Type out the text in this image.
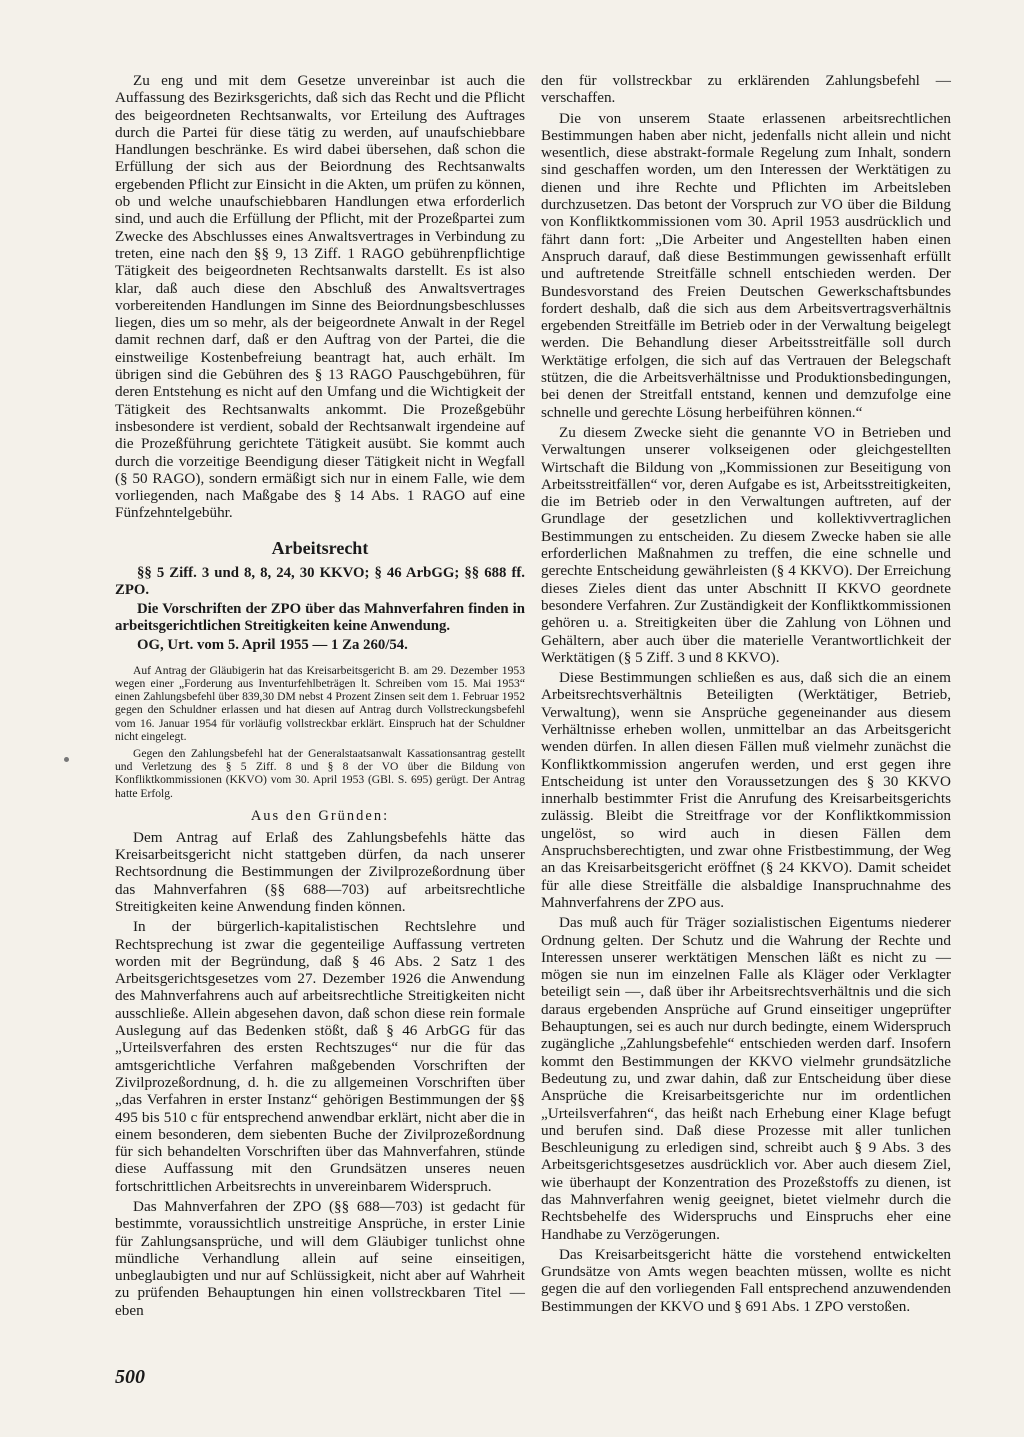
Zu eng und mit dem Gesetze unvereinbar ist auch die Auffassung des Bezirksgerichts, daß sich das Recht und die Pflicht des beigeordneten Rechtsanwalts, vor Erteilung des Auftrages durch die Partei für diese tätig zu werden, auf unaufschiebbare Handlungen beschränke. Es wird dabei übersehen, daß schon die Erfüllung der sich aus der Beiordnung des Rechtsanwalts ergebenden Pflicht zur Einsicht in die Akten, um prüfen zu können, ob und welche unaufschiebbaren Handlungen etwa erforderlich sind, und auch die Erfüllung der Pflicht, mit der Prozeßpartei zum Zwecke des Abschlusses eines Anwaltsvertrages in Verbindung zu treten, eine nach den §§ 9, 13 Ziff. 1 RAGO gebührenpflichtige Tätigkeit des beigeordneten Rechtsanwalts darstellt. Es ist also klar, daß auch diese den Abschluß des Anwaltsvertrages vorbereitenden Handlungen im Sinne des Beiordnungsbeschlusses liegen, dies um so mehr, als der beigeordnete Anwalt in der Regel damit rechnen darf, daß er den Auftrag von der Partei, die die einstweilige Kostenbefreiung beantragt hat, auch erhält. Im übrigen sind die Gebühren des § 13 RAGO Pauschgebühren, für deren Entstehung es nicht auf den Umfang und die Wichtigkeit der Tätigkeit des Rechtsanwalts ankommt. Die Prozeßgebühr insbesondere ist verdient, sobald der Rechtsanwalt irgendeine auf die Prozeßführung gerichtete Tätigkeit ausübt. Sie kommt auch durch die vorzeitige Beendigung dieser Tätigkeit nicht in Wegfall (§ 50 RAGO), sondern ermäßigt sich nur in einem Falle, wie dem vorliegenden, nach Maßgabe des § 14 Abs. 1 RAGO auf eine Fünfzehntelgebühr.

Arbeitsrecht
§§ 5 Ziff. 3 und 8, 8, 24, 30 KKVO; § 46 ArbGG; §§ 688 ff. ZPO.
Die Vorschriften der ZPO über das Mahnverfahren finden in arbeitsgerichtlichen Streitigkeiten keine Anwendung.
OG, Urt. vom 5. April 1955 — 1 Za 260/54.

Auf Antrag der Gläubigerin hat das Kreisarbeitsgericht B. am 29. Dezember 1953 wegen einer „Forderung aus Inventurfehlbeträgen lt. Schreiben vom 15. Mai 1953“ einen Zahlungsbefehl über 839,30 DM nebst 4 Prozent Zinsen seit dem 1. Februar 1952 gegen den Schuldner erlassen und hat diesen auf Antrag durch Vollstreckungsbefehl vom 16. Januar 1954 für vorläufig vollstreckbar erklärt. Einspruch hat der Schuldner nicht eingelegt.

Gegen den Zahlungsbefehl hat der Generalstaatsanwalt Kassationsantrag gestellt und Verletzung des § 5 Ziff. 8 und § 8 der VO über die Bildung von Konfliktkommissionen (KKVO) vom 30. April 1953 (GBl. S. 695) gerügt. Der Antrag hatte Erfolg.

Aus den Gründen:

Dem Antrag auf Erlaß des Zahlungsbefehls hätte das Kreisarbeitsgericht nicht stattgeben dürfen, da nach unserer Rechtsordnung die Bestimmungen der Zivilprozeßordnung über das Mahnverfahren (§§ 688—703) auf arbeitsrechtliche Streitigkeiten keine Anwendung finden können.

In der bürgerlich-kapitalistischen Rechtslehre und Rechtsprechung ist zwar die gegenteilige Auffassung vertreten worden mit der Begründung, daß § 46 Abs. 2 Satz 1 des Arbeitsgerichtsgesetzes vom 27. Dezember 1926 die Anwendung des Mahnverfahrens auch auf arbeitsrechtliche Streitigkeiten nicht ausschließe. Allein abgesehen davon, daß schon diese rein formale Auslegung auf das Bedenken stößt, daß § 46 ArbGG für das „Urteilsverfahren des ersten Rechtszuges“ nur die für das amtsgerichtliche Verfahren maßgebenden Vorschriften der Zivilprozeßordnung, d. h. die zu allgemeinen Vorschriften über „das Verfahren in erster Instanz“ gehörigen Bestimmungen der §§ 495 bis 510 c für entsprechend anwendbar erklärt, nicht aber die in einem besonderen, dem siebenten Buche der Zivilprozeßordnung für sich behandelten Vorschriften über das Mahnverfahren, stünde diese Auffassung mit den Grundsätzen unseres neuen fortschrittlichen Arbeitsrechts in unvereinbarem Widerspruch.

Das Mahnverfahren der ZPO (§§ 688—703) ist gedacht für bestimmte, voraussichtlich unstreitige Ansprüche, in erster Linie für Zahlungsansprüche, und will dem Gläubiger tunlichst ohne mündliche Verhandlung allein auf seine einseitigen, unbeglaubigten und nur auf Schlüssigkeit, nicht aber auf Wahrheit zu prüfenden Behauptungen hin einen vollstreckbaren Titel — eben

den für vollstreckbar zu erklärenden Zahlungsbefehl — verschaffen.

Die von unserem Staate erlassenen arbeitsrechtlichen Bestimmungen haben aber nicht, jedenfalls nicht allein und nicht wesentlich, diese abstrakt-formale Regelung zum Inhalt, sondern sind geschaffen worden, um den Interessen der Werktätigen zu dienen und ihre Rechte und Pflichten im Arbeitsleben durchzusetzen. Das betont der Vorspruch zur VO über die Bildung von Konfliktkommissionen vom 30. April 1953 ausdrücklich und fährt dann fort: „Die Arbeiter und Angestellten haben einen Anspruch darauf, daß diese Bestimmungen gewissenhaft erfüllt und auftretende Streitfälle schnell entschieden werden. Der Bundesvorstand des Freien Deutschen Gewerkschaftsbundes fordert deshalb, daß die sich aus dem Arbeitsvertragsverhältnis ergebenden Streitfälle im Betrieb oder in der Verwaltung beigelegt werden. Die Behandlung dieser Arbeitsstreitfälle soll durch Werktätige erfolgen, die sich auf das Vertrauen der Belegschaft stützen, die die Arbeitsverhältnisse und Produktionsbedingungen, bei denen der Streitfall entstand, kennen und demzufolge eine schnelle und gerechte Lösung herbeiführen können.“

Zu diesem Zwecke sieht die genannte VO in Betrieben und Verwaltungen unserer volkseigenen oder gleichgestellten Wirtschaft die Bildung von „Kommissionen zur Beseitigung von Arbeitsstreitfällen“ vor, deren Aufgabe es ist, Arbeitsstreitigkeiten, die im Betrieb oder in den Verwaltungen auftreten, auf der Grundlage der gesetzlichen und kollektivvertraglichen Bestimmungen zu entscheiden. Zu diesem Zwecke haben sie alle erforderlichen Maßnahmen zu treffen, die eine schnelle und gerechte Entscheidung gewährleisten (§ 4 KKVO). Der Erreichung dieses Zieles dient das unter Abschnitt II KKVO geordnete besondere Verfahren. Zur Zuständigkeit der Konfliktkommissionen gehören u. a. Streitigkeiten über die Zahlung von Löhnen und Gehältern, aber auch über die materielle Verantwortlichkeit der Werktätigen (§ 5 Ziff. 3 und 8 KKVO).

Diese Bestimmungen schließen es aus, daß sich die an einem Arbeitsrechtsverhältnis Beteiligten (Werktätiger, Betrieb, Verwaltung), wenn sie Ansprüche gegeneinander aus diesem Verhältnisse erheben wollen, unmittelbar an das Arbeitsgericht wenden dürfen. In allen diesen Fällen muß vielmehr zunächst die Konfliktkommission angerufen werden, und erst gegen ihre Entscheidung ist unter den Voraussetzungen des § 30 KKVO innerhalb bestimmter Frist die Anrufung des Kreisarbeitsgerichts zulässig. Bleibt die Streitfrage vor der Konfliktkommission ungelöst, so wird auch in diesen Fällen dem Anspruchsberechtigten, und zwar ohne Fristbestimmung, der Weg an das Kreisarbeitsgericht eröffnet (§ 24 KKVO). Damit scheidet für alle diese Streitfälle die alsbaldige Inanspruchnahme des Mahnverfahrens der ZPO aus.

Das muß auch für Träger sozialistischen Eigentums niederer Ordnung gelten. Der Schutz und die Wahrung der Rechte und Interessen unserer werktätigen Menschen läßt es nicht zu — mögen sie nun im einzelnen Falle als Kläger oder Verklagter beteiligt sein —, daß über ihr Arbeitsrechtsverhältnis und die sich daraus ergebenden Ansprüche auf Grund einseitiger ungeprüfter Behauptungen, sei es auch nur durch bedingte, einem Widerspruch zugängliche „Zahlungsbefehle“ entschieden werden darf. Insofern kommt den Bestimmungen der KKVO vielmehr grundsätzliche Bedeutung zu, und zwar dahin, daß zur Entscheidung über diese Ansprüche die Kreisarbeitsgerichte nur im ordentlichen „Urteilsverfahren“, das heißt nach Erhebung einer Klage befugt und berufen sind. Daß diese Prozesse mit aller tunlichen Beschleunigung zu erledigen sind, schreibt auch § 9 Abs. 3 des Arbeitsgerichtsgesetzes ausdrücklich vor. Aber auch diesem Ziel, wie überhaupt der Konzentration des Prozeßstoffs zu dienen, ist das Mahnverfahren wenig geeignet, bietet vielmehr durch die Rechtsbehelfe des Widerspruchs und Einspruchs eher eine Handhabe zu Verzögerungen.

Das Kreisarbeitsgericht hätte die vorstehend entwickelten Grundsätze von Amts wegen beachten müssen, wollte es nicht gegen die auf den vorliegenden Fall entsprechend anzuwendenden Bestimmungen der KKVO und § 691 Abs. 1 ZPO verstoßen.

500
